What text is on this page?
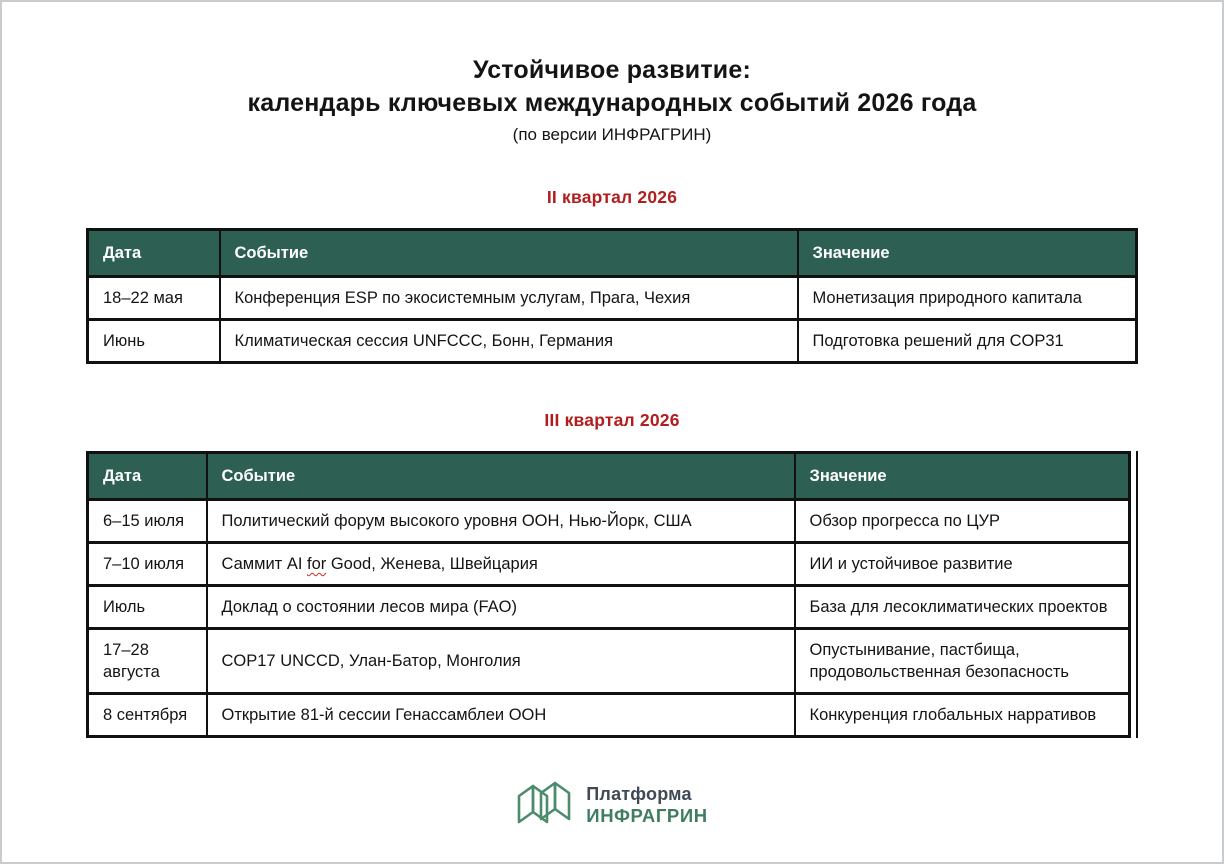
Устойчивое развитие:
календарь ключевых международных событий 2026 года
(по версии ИНФРАГРИН)
II квартал 2026
Дата	Событие	Значение
18–22 мая	Конференция ESP по экосистемным услугам, Прага, Чехия	Монетизация природного капитала
Июнь	Климатическая сессия UNFCCC, Бонн, Германия	Подготовка решений для COP31
III квартал 2026
Дата	Событие	Значение
6–15 июля	Политический форум высокого уровня ООН, Нью-Йорк, США	Обзор прогресса по ЦУР
7–10 июля	Саммит AI for Good, Женева, Швейцария	ИИ и устойчивое развитие
Июль	Доклад о состоянии лесов мира (FAO)	База для лесоклиматических проектов
17–28 августа	COP17 UNCCD, Улан-Батор, Монголия	Опустынивание, пастбища, продовольственная безопасность
8 сентября	Открытие 81-й сессии Генассамблеи ООН	Конкуренция глобальных нарративов
Платформа
ИНФРАГРИН
